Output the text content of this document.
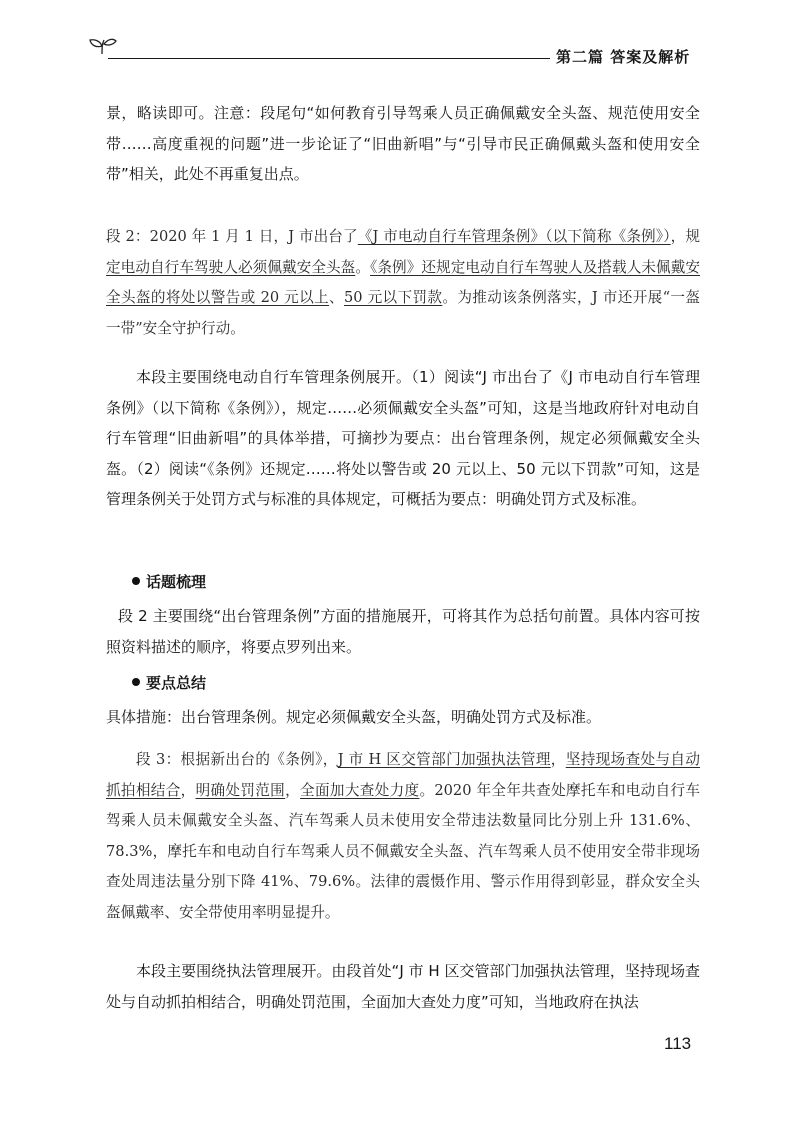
第二篇 答案及解析
景，略读即可。注意：段尾句“如何教育引导驾乘人员正确佩戴安全头盔、规范使用安全带……高度重视的问题”进一步论证了“旧曲新唱”与“引导市民正确佩戴头盔和使用安全带”相关，此处不再重复出点。
段 2：2020 年 1 月 1 日，J 市出台了《J 市电动自行车管理条例》（以下简称《条例》），规定电动自行车驾驶人必须佩戴安全头盔。《条例》还规定电动自行车驾驶人及搭载人未佩戴安全头盔的将处以警告或 20 元以上、50 元以下罚款。为推动该条例落实，J 市还开展“一盔一带”安全守护行动。
本段主要围绕电动自行车管理条例展开。（1）阅读“J 市出台了《J 市电动自行车管理条例》（以下简称《条例》），规定……必须佩戴安全头盔”可知，这是当地政府针对电动自行车管理“旧曲新唱”的具体举措，可摘抄为要点：出台管理条例，规定必须佩戴安全头盔。（2）阅读“《条例》还规定……将处以警告或 20 元以上、50 元以下罚款”可知，这是管理条例关于处罚方式与标准的具体规定，可概括为要点：明确处罚方式及标准。
话题梳理
段 2 主要围绕“出台管理条例”方面的措施展开，可将其作为总括句前置。具体内容可按照资料描述的顺序，将要点罗列出来。
要点总结
具体措施：出台管理条例。规定必须佩戴安全头盔，明确处罚方式及标准。
段 3：根据新出台的《条例》，J 市 H 区交管部门加强执法管理，坚持现场查处与自动抓拍相结合，明确处罚范围，全面加大查处力度。2020 年全年共查处摩托车和电动自行车驾乘人员未佩戴安全头盔、汽车驾乘人员未使用安全带违法数量同比分别上升 131.6%、78.3%，摩托车和电动自行车驾乘人员不佩戴安全头盔、汽车驾乘人员不使用安全带非现场查处周违法量分别下降 41%、79.6%。法律的震慑作用、警示作用得到彰显，群众安全头盔佩戴率、安全带使用率明显提升。
本段主要围绕执法管理展开。由段首处“J 市 H 区交管部门加强执法管理，坚持现场查处与自动抓拍相结合，明确处罚范围，全面加大查处力度”可知，当地政府在执法
113
